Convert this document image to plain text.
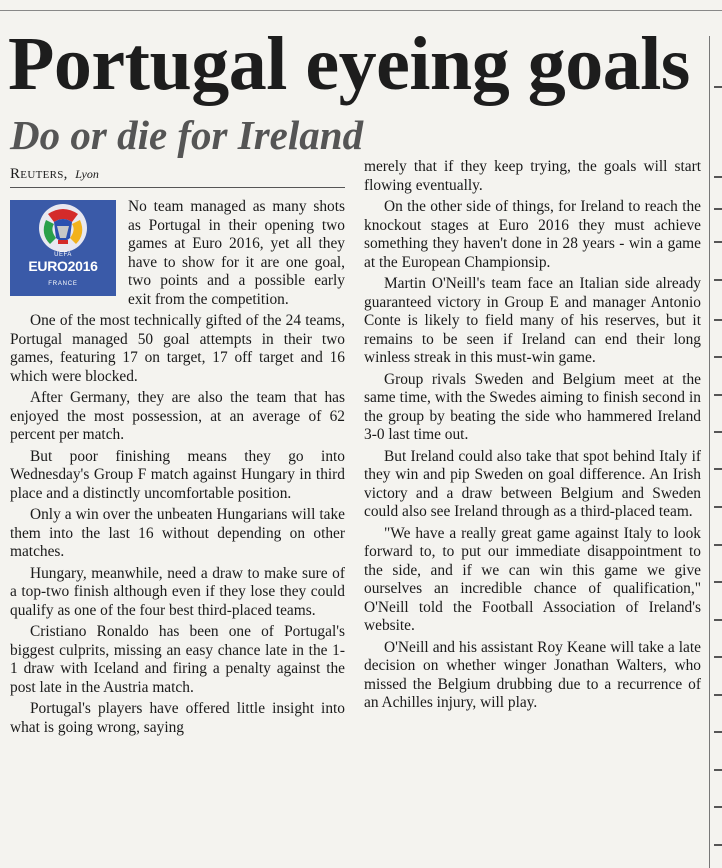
Portugal eyeing goals
Do or die for Ireland
Reuters, Lyon
UEFA
EURO2016
FRANCE

No team managed as many shots as Portugal in their opening two games at Euro 2016, yet all they have to show for it are one goal, two points and a possible early exit from the competition.

One of the most technically gifted of the 24 teams, Portugal managed 50 goal attempts in their two games, featuring 17 on target, 17 off target and 16 which were blocked.

After Germany, they are also the team that has enjoyed the most possession, at an average of 62 percent per match.

But poor finishing means they go into Wednesday's Group F match against Hungary in third place and a distinctly uncomfortable position.

Only a win over the unbeaten Hungarians will take them into the last 16 without depending on other matches.

Hungary, meanwhile, need a draw to make sure of a top-two finish although even if they lose they could qualify as one of the four best third-placed teams.

Cristiano Ronaldo has been one of Portugal's biggest culprits, missing an easy chance late in the 1-1 draw with Iceland and firing a penalty against the post late in the Austria match.

Portugal's players have offered little insight into what is going wrong, saying

merely that if they keep trying, the goals will start flowing eventually.

On the other side of things, for Ireland to reach the knockout stages at Euro 2016 they must achieve something they haven't done in 28 years - win a game at the European Championsip.

Martin O'Neill's team face an Italian side already guaranteed victory in Group E and manager Antonio Conte is likely to field many of his reserves, but it remains to be seen if Ireland can end their long winless streak in this must-win game.

Group rivals Sweden and Belgium meet at the same time, with the Swedes aiming to finish second in the group by beating the side who hammered Ireland 3-0 last time out.

But Ireland could also take that spot behind Italy if they win and pip Sweden on goal difference. An Irish victory and a draw between Belgium and Sweden could also see Ireland through as a third-placed team.

"We have a really great game against Italy to look forward to, to put our immediate disappointment to the side, and if we can win this game we give ourselves an incredible chance of qualification," O'Neill told the Football Association of Ireland's website.

O'Neill and his assistant Roy Keane will take a late decision on whether winger Jonathan Walters, who missed the Belgium drubbing due to a recurrence of an Achilles injury, will play.
